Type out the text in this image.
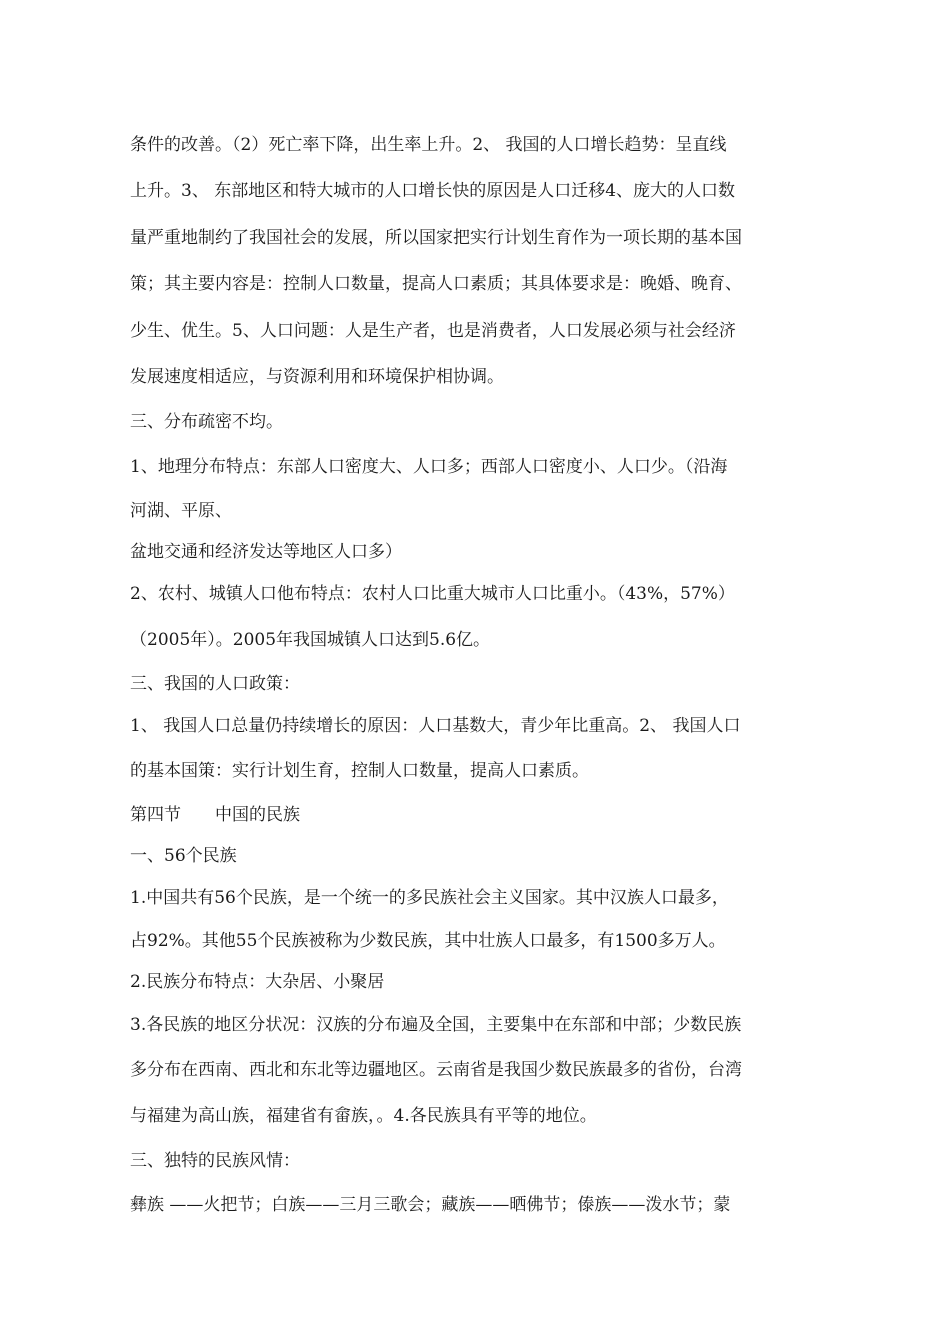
条件的改善。（2）死亡率下降，出生率上升。2、 我国的人口增长趋势：呈直线
上升。3、 东部地区和特大城市的人口增长快的原因是人口迁移4、庞大的人口数
量严重地制约了我国社会的发展，所以国家把实行计划生育作为一项长期的基本国
策；其主要内容是：控制人口数量，提高人口素质；其具体要求是：晚婚、晚育、
少生、优生。5、人口问题：人是生产者，也是消费者，人口发展必须与社会经济
发展速度相适应，与资源利用和环境保护相协调。
三、分布疏密不均。
1、地理分布特点：东部人口密度大、人口多；西部人口密度小、人口少。（沿海
河湖、平原、
盆地交通和经济发达等地区人口多）
2、农村、城镇人口他布特点：农村人口比重大城市人口比重小。（43%，57%）
（2005年）。2005年我国城镇人口达到5.6亿。
三、我国的人口政策：
1、 我国人口总量仍持续增长的原因：人口基数大，青少年比重高。2、 我国人口
的基本国策：实行计划生育，控制人口数量，提高人口素质。
第四节　　中国的民族
一、56个民族
1.中国共有56个民族，是一个统一的多民族社会主义国家。其中汉族人口最多，
占92%。其他55个民族被称为少数民族，其中壮族人口最多，有1500多万人。
2.民族分布特点：大杂居、小聚居
3.各民族的地区分状况：汉族的分布遍及全国，主要集中在东部和中部；少数民族
多分布在西南、西北和东北等边疆地区。云南省是我国少数民族最多的省份，台湾
与福建为高山族，福建省有畲族，。4.各民族具有平等的地位。
三、独特的民族风情：
彝族 ——火把节；白族——三月三歌会；藏族——晒佛节；傣族——泼水节；蒙
